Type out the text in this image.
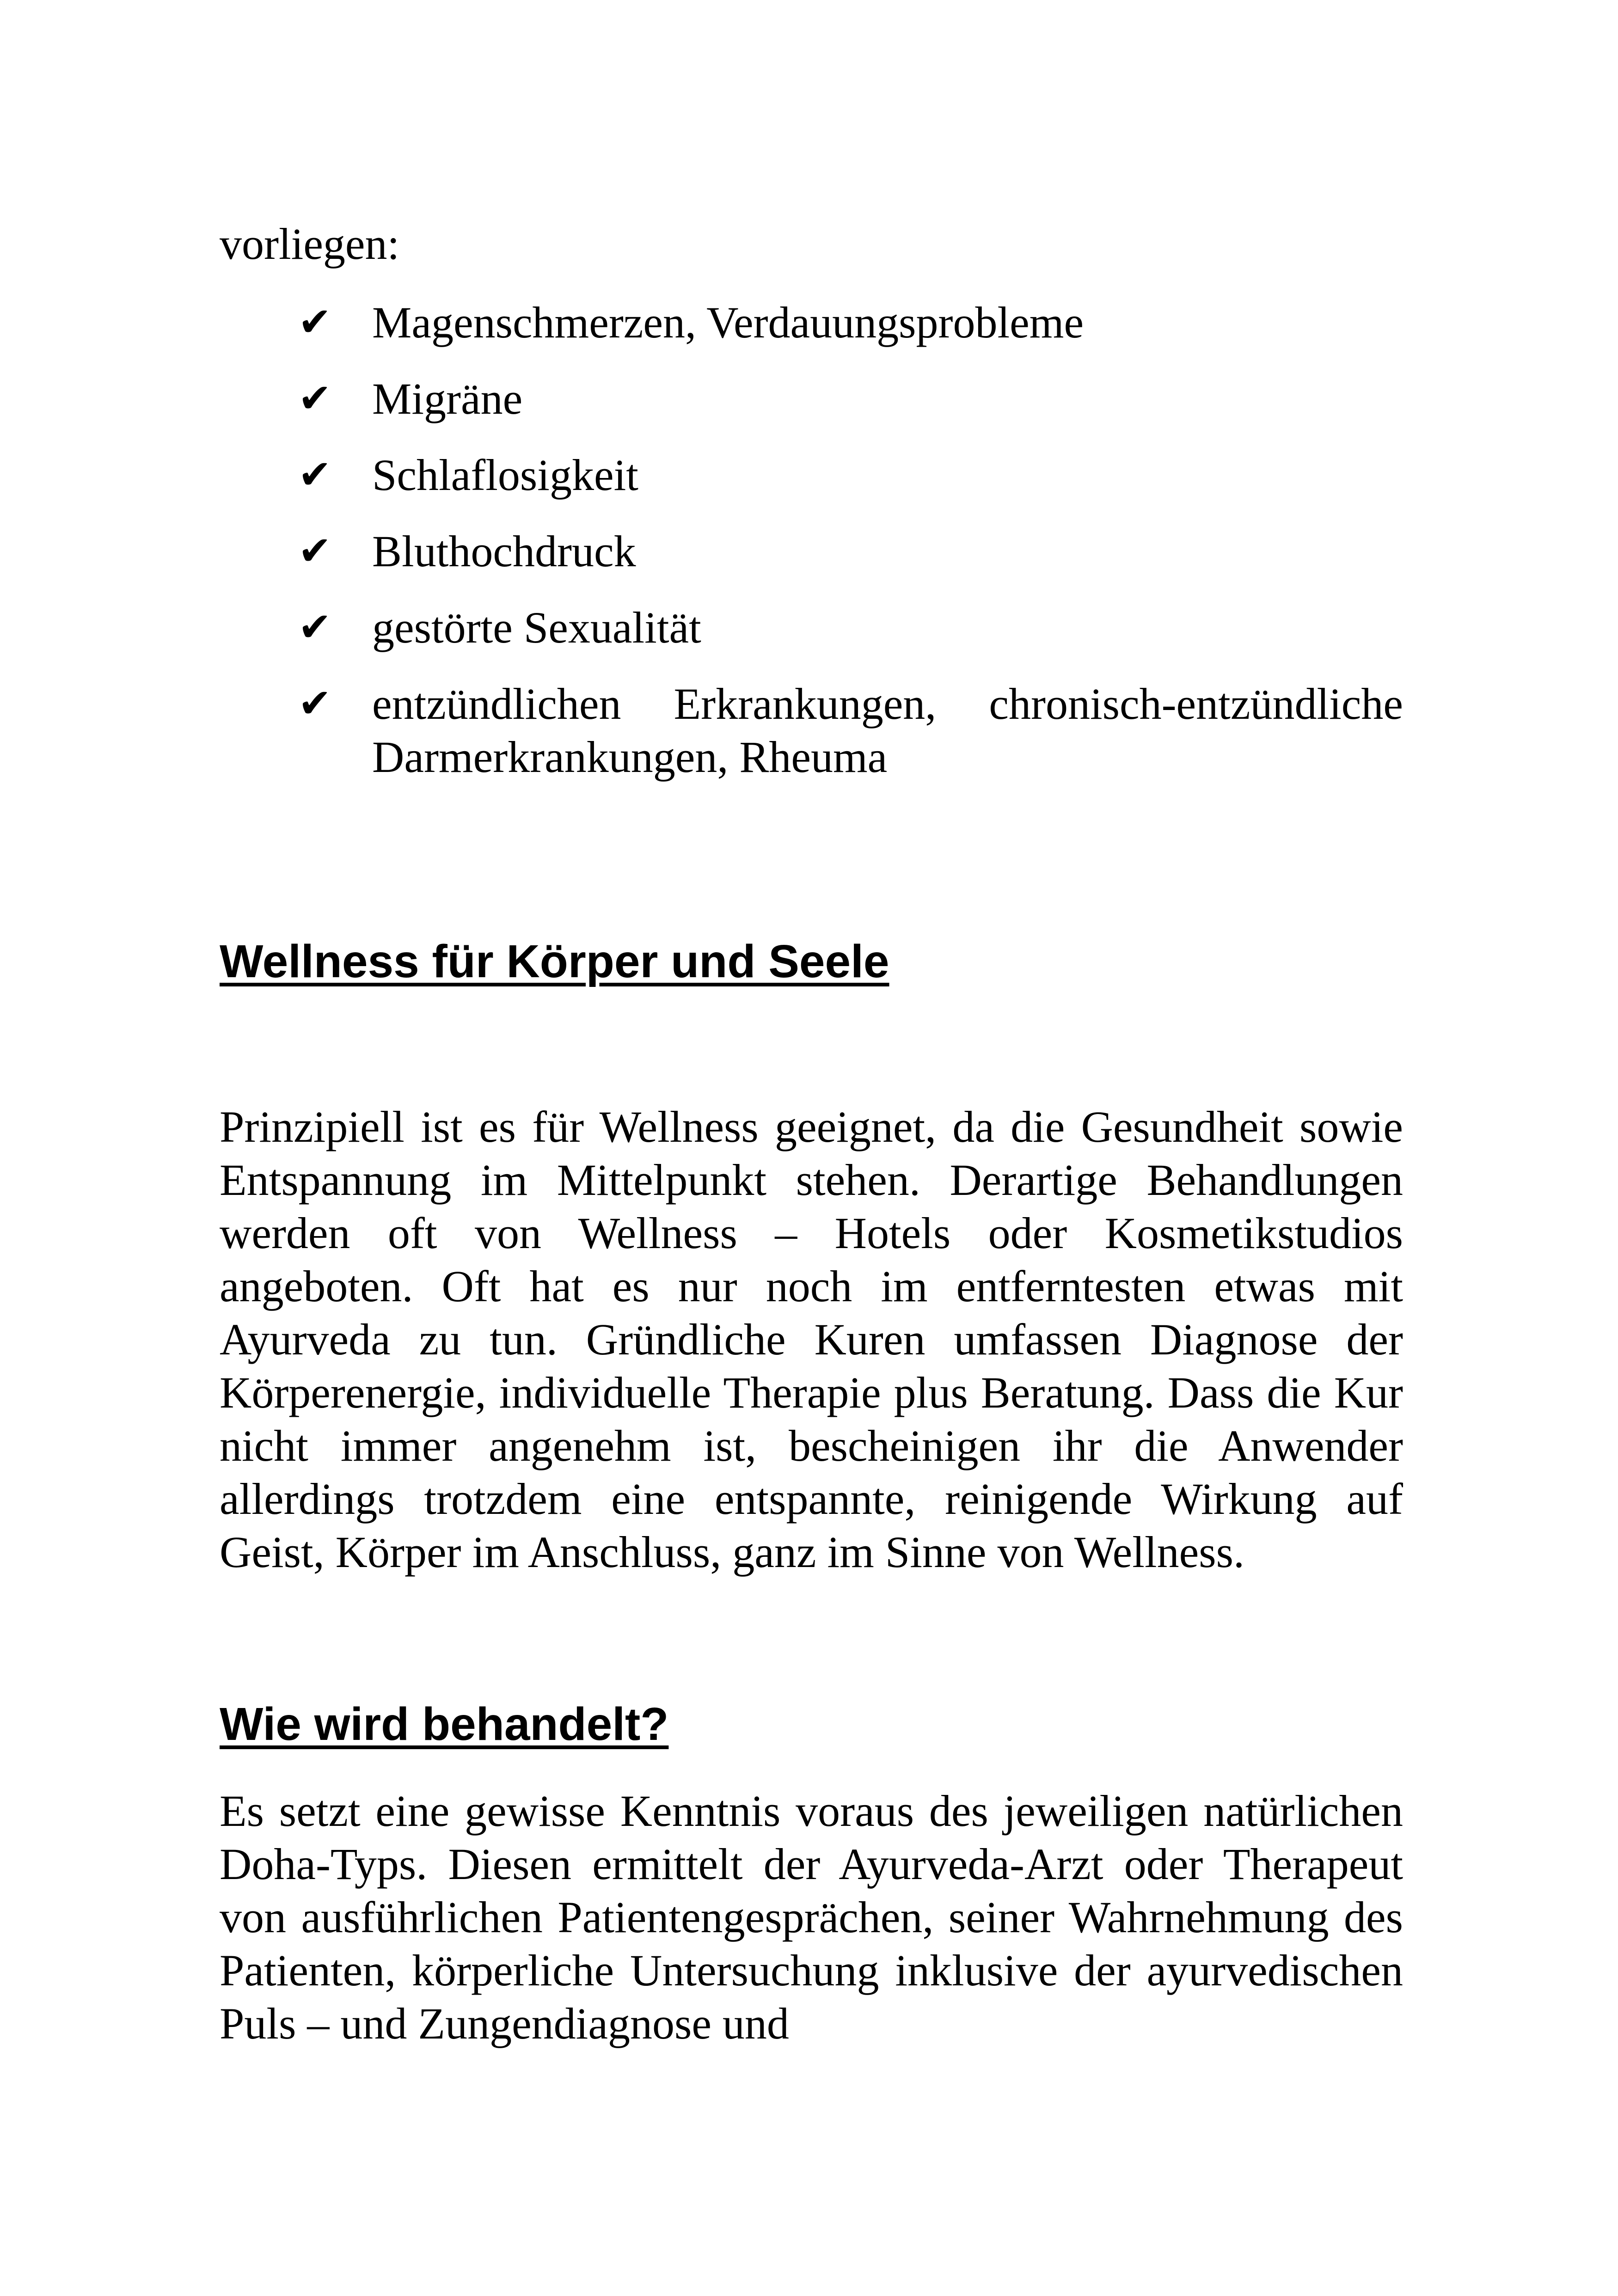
vorliegen:

✔ Magenschmerzen, Verdauungsprobleme
✔ Migräne
✔ Schlaflosigkeit
✔ Bluthochdruck
✔ gestörte Sexualität
✔ entzündlichen Erkrankungen, chronisch-entzündliche Darmerkrankungen, Rheuma
Wellness für Körper und Seele

Prinzipiell ist es für Wellness geeignet, da die Gesundheit sowie Entspannung im Mittelpunkt stehen. Derartige Behandlungen werden oft von Wellness – Hotels oder Kosmetikstudios angeboten. Oft hat es nur noch im entferntesten etwas mit Ayurveda zu tun. Gründliche Kuren umfassen Diagnose der Körperenergie, individuelle Therapie plus Beratung. Dass die Kur nicht immer angenehm ist, bescheinigen ihr die Anwender allerdings trotzdem eine entspannte, reinigende Wirkung auf Geist, Körper im Anschluss, ganz im Sinne von Wellness.

Wie wird behandelt?

Es setzt eine gewisse Kenntnis voraus des jeweiligen natürlichen Doha-Typs. Diesen ermittelt der Ayurveda-Arzt oder Therapeut von ausführlichen Patientengesprächen, seiner Wahrnehmung des Patienten, körperliche Untersuchung inklusive der ayurvedischen Puls – und Zungendiagnose und
